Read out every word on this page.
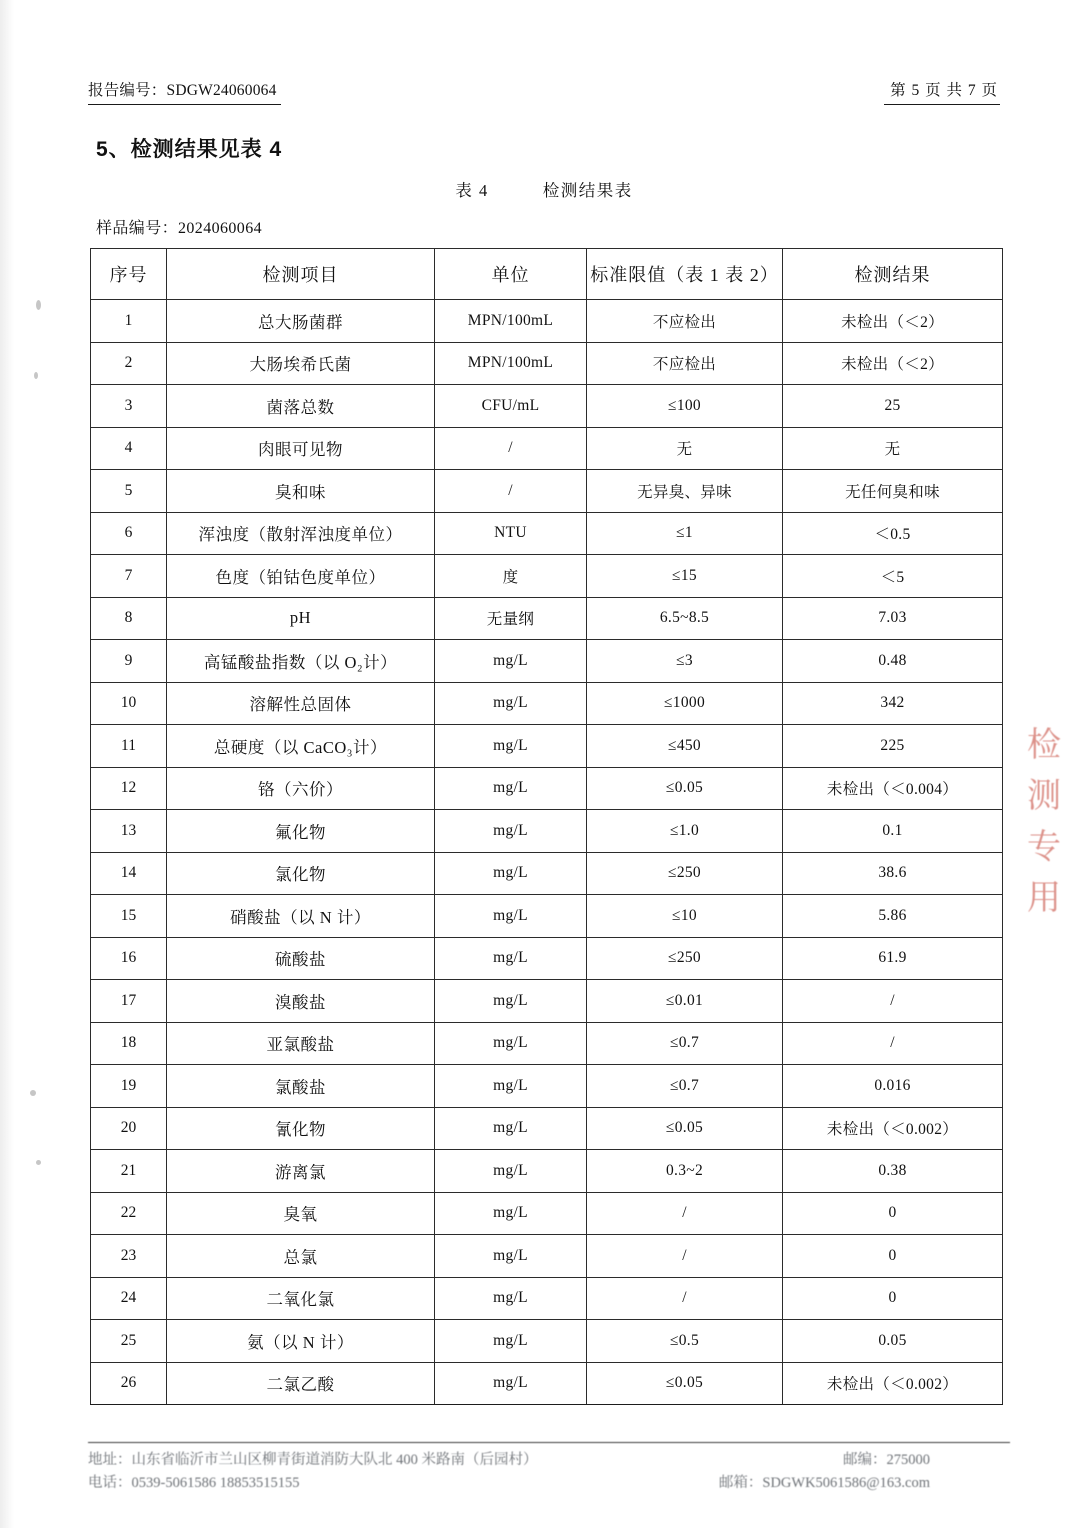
报告编号：SDGW24060064	第 5 页 共 7 页
5、检测结果见表 4
表 4	检测结果表
样品编号：2024060064
序号	检测项目	单位	标准限值（表 1 表 2）	检测结果
1	总大肠菌群	MPN/100mL	不应检出	未检出（＜2）
2	大肠埃希氏菌	MPN/100mL	不应检出	未检出（＜2）
3	菌落总数	CFU/mL	≤100	25
4	肉眼可见物	/	无	无
5	臭和味	/	无异臭、异味	无任何臭和味
6	浑浊度（散射浑浊度单位）	NTU	≤1	＜0.5
7	色度（铂钴色度单位）	度	≤15	＜5
8	pH	无量纲	6.5~8.5	7.03
9	高锰酸盐指数（以 O₂计）	mg/L	≤3	0.48
10	溶解性总固体	mg/L	≤1000	342
11	总硬度（以 CaCO₃计）	mg/L	≤450	225
12	铬（六价）	mg/L	≤0.05	未检出（＜0.004）
13	氟化物	mg/L	≤1.0	0.1
14	氯化物	mg/L	≤250	38.6
15	硝酸盐（以 N 计）	mg/L	≤10	5.86
16	硫酸盐	mg/L	≤250	61.9
17	溴酸盐	mg/L	≤0.01	/
18	亚氯酸盐	mg/L	≤0.7	/
19	氯酸盐	mg/L	≤0.7	0.016
20	氰化物	mg/L	≤0.05	未检出（＜0.002）
21	游离氯	mg/L	0.3~2	0.38
22	臭氧	mg/L	/	0
23	总氯	mg/L	/	0
24	二氧化氯	mg/L	/	0
25	氨（以 N 计）	mg/L	≤0.5	0.05
26	二氯乙酸	mg/L	≤0.05	未检出（＜0.002）
地址：山东省临沂市兰山区柳青街道消防大队北 400 米路南（后园村）	邮编：275000
电话：0539-5061586 18853515155	邮箱：SDGWK5061586@163.com
检 测 专 用
